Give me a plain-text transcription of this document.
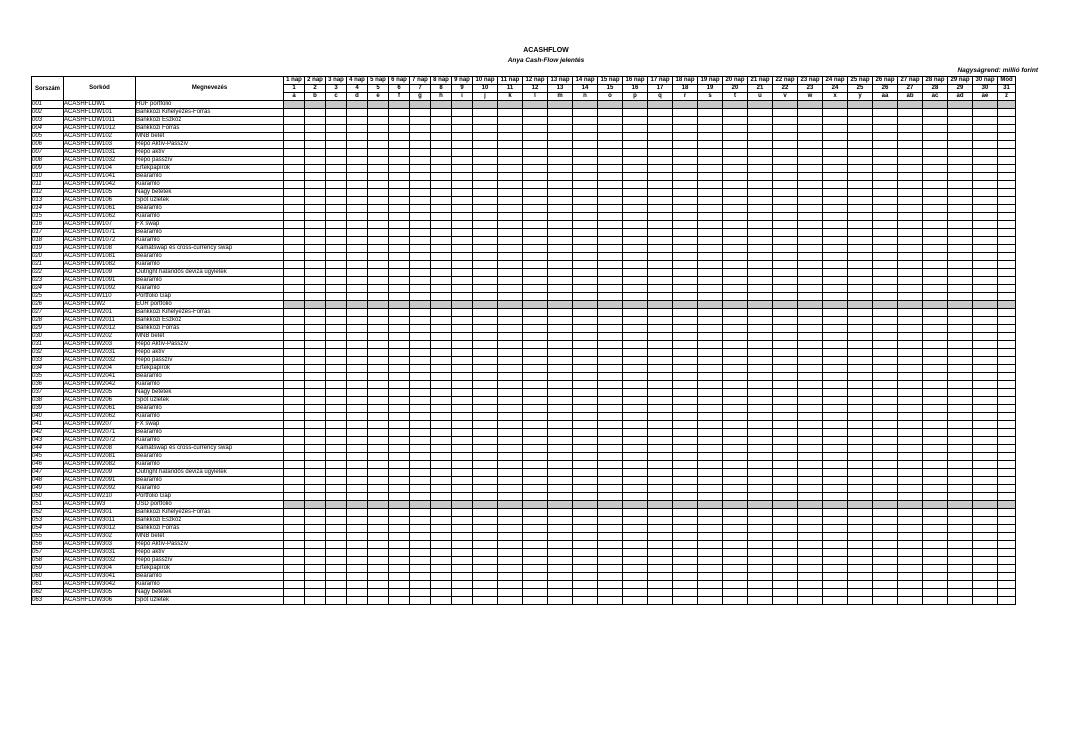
ACASHFLOW
Anya Cash-Flow jelentés
Nagyságrend: millió forint
Sorszám	Sorkód	Megnevezés	1 nap	2 nap	3 nap	4 nap	5 nap	6 nap	7 nap	8 nap	9 nap	10 nap	11 nap	12 nap	13 nap	14 nap	15 nap	16 nap	17 nap	18 nap	19 nap	20 nap	21 nap	22 nap	23 nap	24 nap	25 nap	26 nap	27 nap	28 nap	29 nap	30 nap	Mód
			1	2	3	4	5	6	7	8	9	10	11	12	13	14	15	16	17	18	19	20	21	22	23	24	25	26	27	28	29	30	31
			a	b	c	d	e	f	g	h	i	j	k	l	m	n	o	p	q	r	s	t	u	v	w	x	y	aa	ab	ac	ad	ae	z
001	ACASHFLOW1	HUF portfolió																															
002	ACASHFLOW101	Bankközi Kihelyezés-Forrás																															
003	ACASHFLOW1011	Bankközi Eszköz																															
004	ACASHFLOW1012	Bankközi Forrás																															
005	ACASHFLOW102	MNB betét																															
006	ACASHFLOW103	Repó Aktív-Passzív																															
007	ACASHFLOW1031	Repó aktív																															
008	ACASHFLOW1032	Repó passzív																															
009	ACASHFLOW104	Értékpapírok																															
010	ACASHFLOW1041	Beáramló																															
011	ACASHFLOW1042	Kiáramló																															
012	ACASHFLOW105	Nagy betétek																															
013	ACASHFLOW106	Spot üzletek																															
014	ACASHFLOW1061	Beáramló																															
015	ACASHFLOW1062	Kiáramló																															
016	ACASHFLOW107	FX swap																															
017	ACASHFLOW1071	Beáramló																															
018	ACASHFLOW1072	Kiáramló																															
019	ACASHFLOW108	Kamatswap és cross-currency swap																															
020	ACASHFLOW1081	Beáramló																															
021	ACASHFLOW1082	Kiáramló																															
022	ACASHFLOW109	Outright határidős deviza ügyletek																															
023	ACASHFLOW1091	Beáramló																															
024	ACASHFLOW1092	Kiáramló																															
025	ACASHFLOW110	Portfolió Gap																															
026	ACASHFLOW2	EUR portfolió																															
027	ACASHFLOW201	Bankközi Kihelyezés-Forrás																															
028	ACASHFLOW2011	Bankközi Eszköz																															
029	ACASHFLOW2012	Bankközi Forrás																															
030	ACASHFLOW202	MNB betét																															
031	ACASHFLOW203	Repó Aktív-Passzív																															
032	ACASHFLOW2031	Repó aktív																															
033	ACASHFLOW2032	Repó passzív																															
034	ACASHFLOW204	Értékpapírok																															
035	ACASHFLOW2041	Beáramló																															
036	ACASHFLOW2042	Kiáramló																															
037	ACASHFLOW205	Nagy betétek																															
038	ACASHFLOW206	Spot üzletek																															
039	ACASHFLOW2061	Beáramló																															
040	ACASHFLOW2062	Kiáramló																															
041	ACASHFLOW207	FX swap																															
042	ACASHFLOW2071	Beáramló																															
043	ACASHFLOW2072	Kiáramló																															
044	ACASHFLOW208	Kamatswap és cross-currency swap																															
045	ACASHFLOW2081	Beáramló																															
046	ACASHFLOW2082	Kiáramló																															
047	ACASHFLOW209	Outright határidős deviza ügyletek																															
048	ACASHFLOW2091	Beáramló																															
049	ACASHFLOW2092	Kiáramló																															
050	ACASHFLOW210	Portfolió Gap																															
051	ACASHFLOW3	USD portfolió																															
052	ACASHFLOW301	Bankközi Kihelyezés-Forrás																															
053	ACASHFLOW3011	Bankközi Eszköz																															
054	ACASHFLOW3012	Bankközi Forrás																															
055	ACASHFLOW302	MNB betét																															
056	ACASHFLOW303	Repó Aktív-Passzív																															
057	ACASHFLOW3031	Repó aktív																															
058	ACASHFLOW3032	Repó passzív																															
059	ACASHFLOW304	Értékpapírok																															
060	ACASHFLOW3041	Beáramló																															
061	ACASHFLOW3042	Kiáramló																															
062	ACASHFLOW305	Nagy betétek																															
063	ACASHFLOW306	Spot üzletek																															
